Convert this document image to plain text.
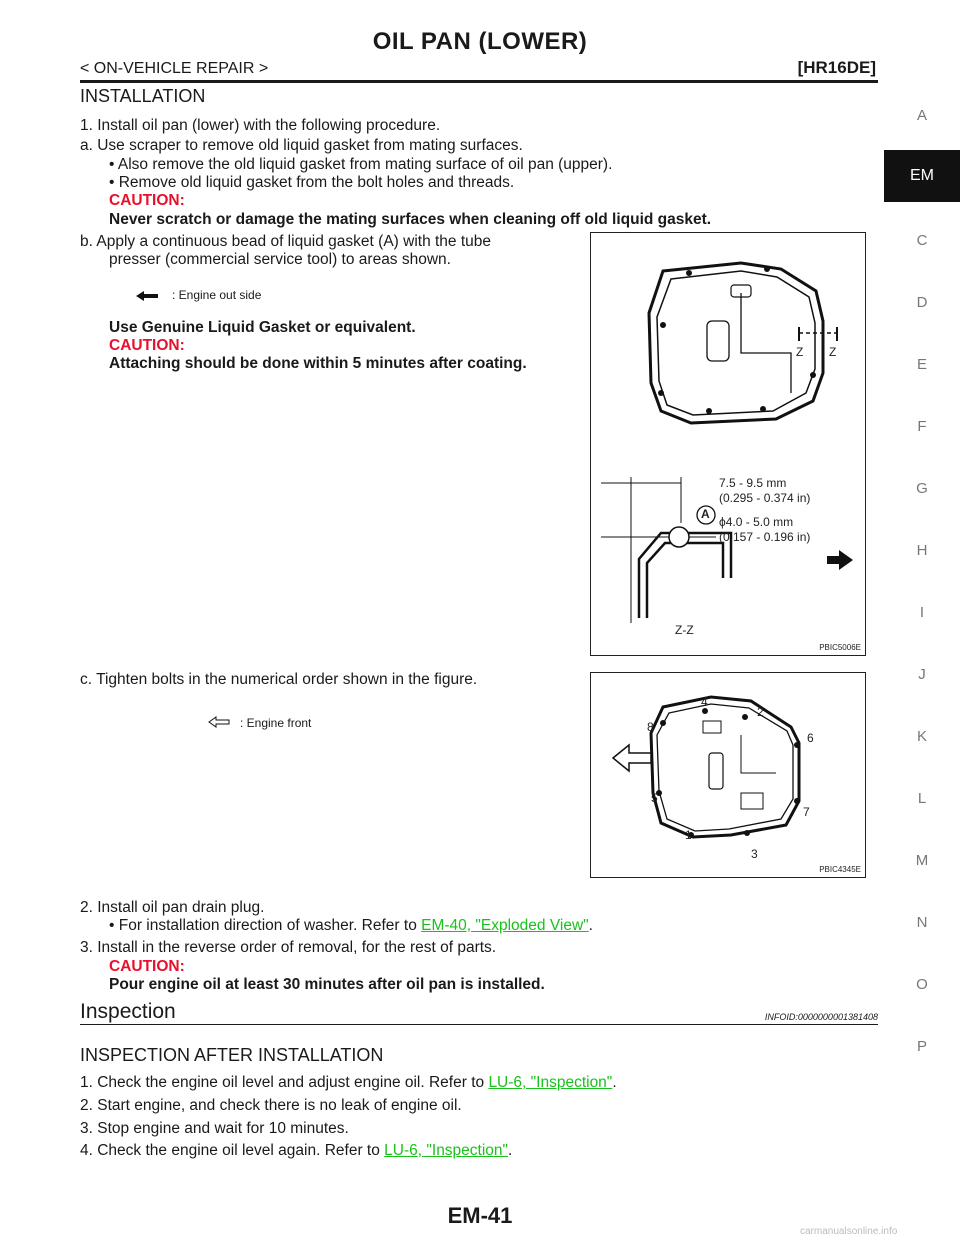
OIL PAN (LOWER)
< ON-VEHICLE REPAIR >	[HR16DE]
A
EM
C
D
E
F
G
H
I
J
K
L
M
N
O
P
INSTALLATION
1. Install oil pan (lower) with the following procedure.
a. Use scraper to remove old liquid gasket from mating surfaces.
• Also remove the old liquid gasket from mating surface of oil pan (upper).
• Remove old liquid gasket from the bolt holes and threads.
CAUTION:
Never scratch or damage the mating surfaces when cleaning off old liquid gasket.
b. Apply a continuous bead of liquid gasket (A) with the tube
presser (commercial service tool) to areas shown.
Use Genuine Liquid Gasket or equivalent.
CAUTION:
Attaching should be done within 5 minutes after coating.
Z Z
A
7.5 - 9.5 mm
(0.295 - 0.374 in)
ϕ4.0 - 5.0 mm
(0.157 - 0.196 in)
Z-Z
PBIC5006E
: Engine out side
c. Tighten bolts in the numerical order shown in the figure.
1
2
3
4
5
6
7
8
PBIC4345E
: Engine front
2. Install oil pan drain plug.
• For installation direction of washer. Refer to EM-40, "Exploded View".
3. Install in the reverse order of removal, for the rest of parts.
CAUTION:
Pour engine oil at least 30 minutes after oil pan is installed.
Inspection	INFOID:0000000001381408
INSPECTION AFTER INSTALLATION
1. Check the engine oil level and adjust engine oil. Refer to LU-6, "Inspection".
2. Start engine, and check there is no leak of engine oil.
3. Stop engine and wait for 10 minutes.
4. Check the engine oil level again. Refer to LU-6, "Inspection".
EM-41
carmanualsonline.info
